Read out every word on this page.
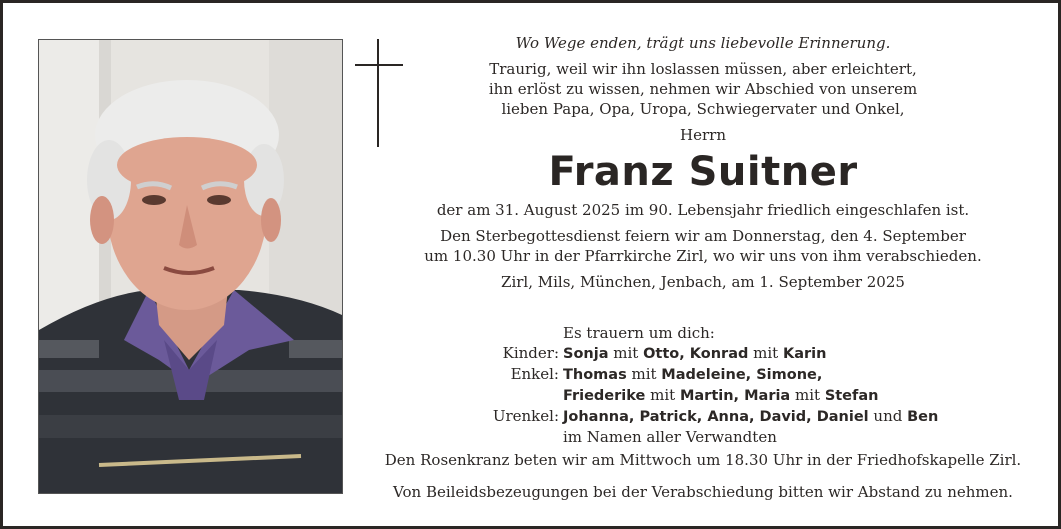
Wo Wege enden, trägt uns liebevolle Erinnerung.
Traurig, weil wir ihn loslassen müssen, aber erleichtert,
ihn erlöst zu wissen, nehmen wir Abschied von unserem
lieben Papa, Opa, Uropa, Schwiegervater und Onkel,
Herrn
Franz Suitner
der am 31. August 2025 im 90. Lebensjahr friedlich eingeschlafen ist.
Den Sterbegottesdienst feiern wir am Donnerstag, den 4. September
um 10.30 Uhr in der Pfarrkirche Zirl, wo wir uns von ihm verabschieden.
Zirl, Mils, München, Jenbach, am 1. September 2025
Es trauern um dich:
Kinder: Sonja mit Otto, Konrad mit Karin
Enkel: Thomas mit Madeleine, Simone,
Friederike mit Martin, Maria mit Stefan
Urenkel: Johanna, Patrick, Anna, David, Daniel und Ben
im Namen aller Verwandten
Den Rosenkranz beten wir am Mittwoch um 18.30 Uhr in der Friedhofskapelle Zirl.
Von Beileidsbezeugungen bei der Verabschiedung bitten wir Abstand zu nehmen.
